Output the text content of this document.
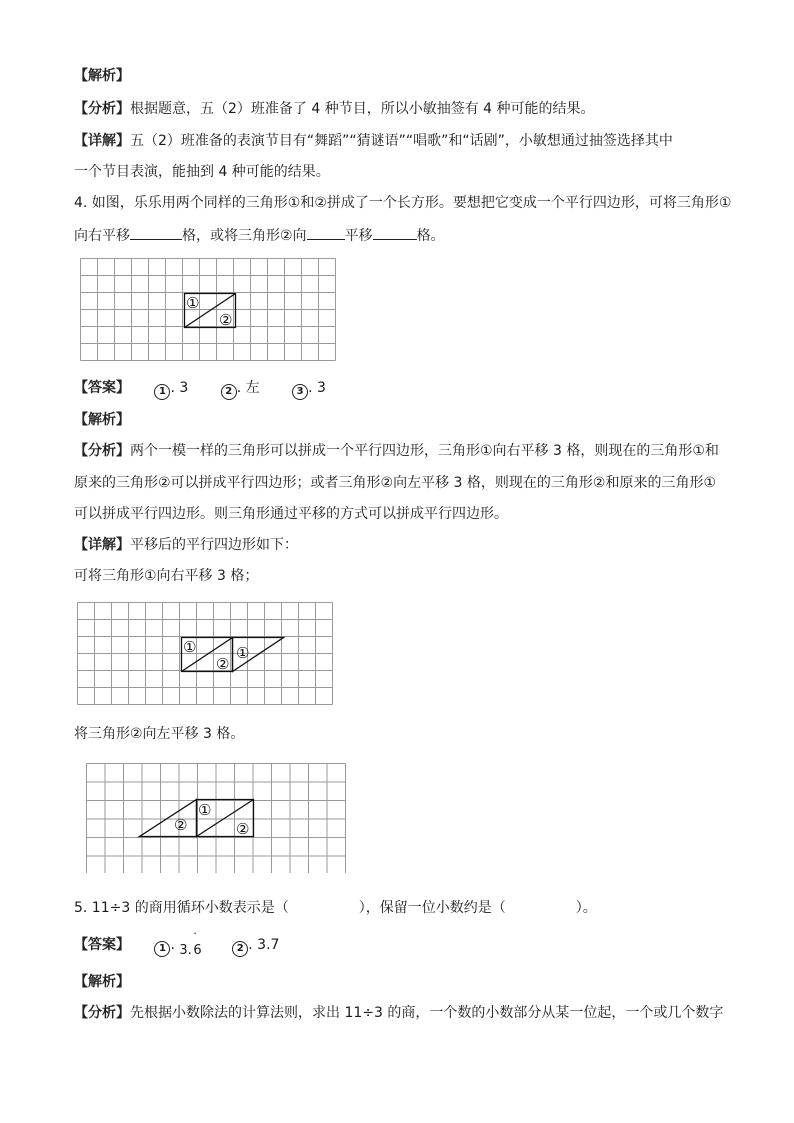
【解析】
【分析】根据题意，五（2）班准备了 4 种节目，所以小敏抽签有 4 种可能的结果。
【详解】五（2）班准备的表演节目有“舞蹈”“猜谜语”“唱歌”和“话剧”，小敏想通过抽签选择其中
一个节目表演，能抽到 4 种可能的结果。
4. 如图，乐乐用两个同样的三角形①和②拼成了一个长方形。要想把它变成一个平行四边形，可将三角形①
向右平移	格，或将三角形②向	平移	格。
①
②
【答案】	1 . 3	2 . 左	3 . 3
【解析】
【分析】两个一模一样的三角形可以拼成一个平行四边形，三角形①向右平移 3 格，则现在的三角形①和
原来的三角形②可以拼成平行四边形；或者三角形②向左平移 3 格，则现在的三角形②和原来的三角形①
可以拼成平行四边形。则三角形通过平移的方式可以拼成平行四边形。
【详解】平移后的平行四边形如下：
可将三角形①向右平移 3 格；
①
②
①
将三角形②向左平移 3 格。
①
②
②
5. 11÷3 的商用循环小数表示是（	），保留一位小数约是（	）。
【答案】	1 . 3.
·
6	2 . 3.7
【解析】
【分析】先根据小数除法的计算法则，求出 11÷3 的商，一个数的小数部分从某一位起，一个或几个数字
